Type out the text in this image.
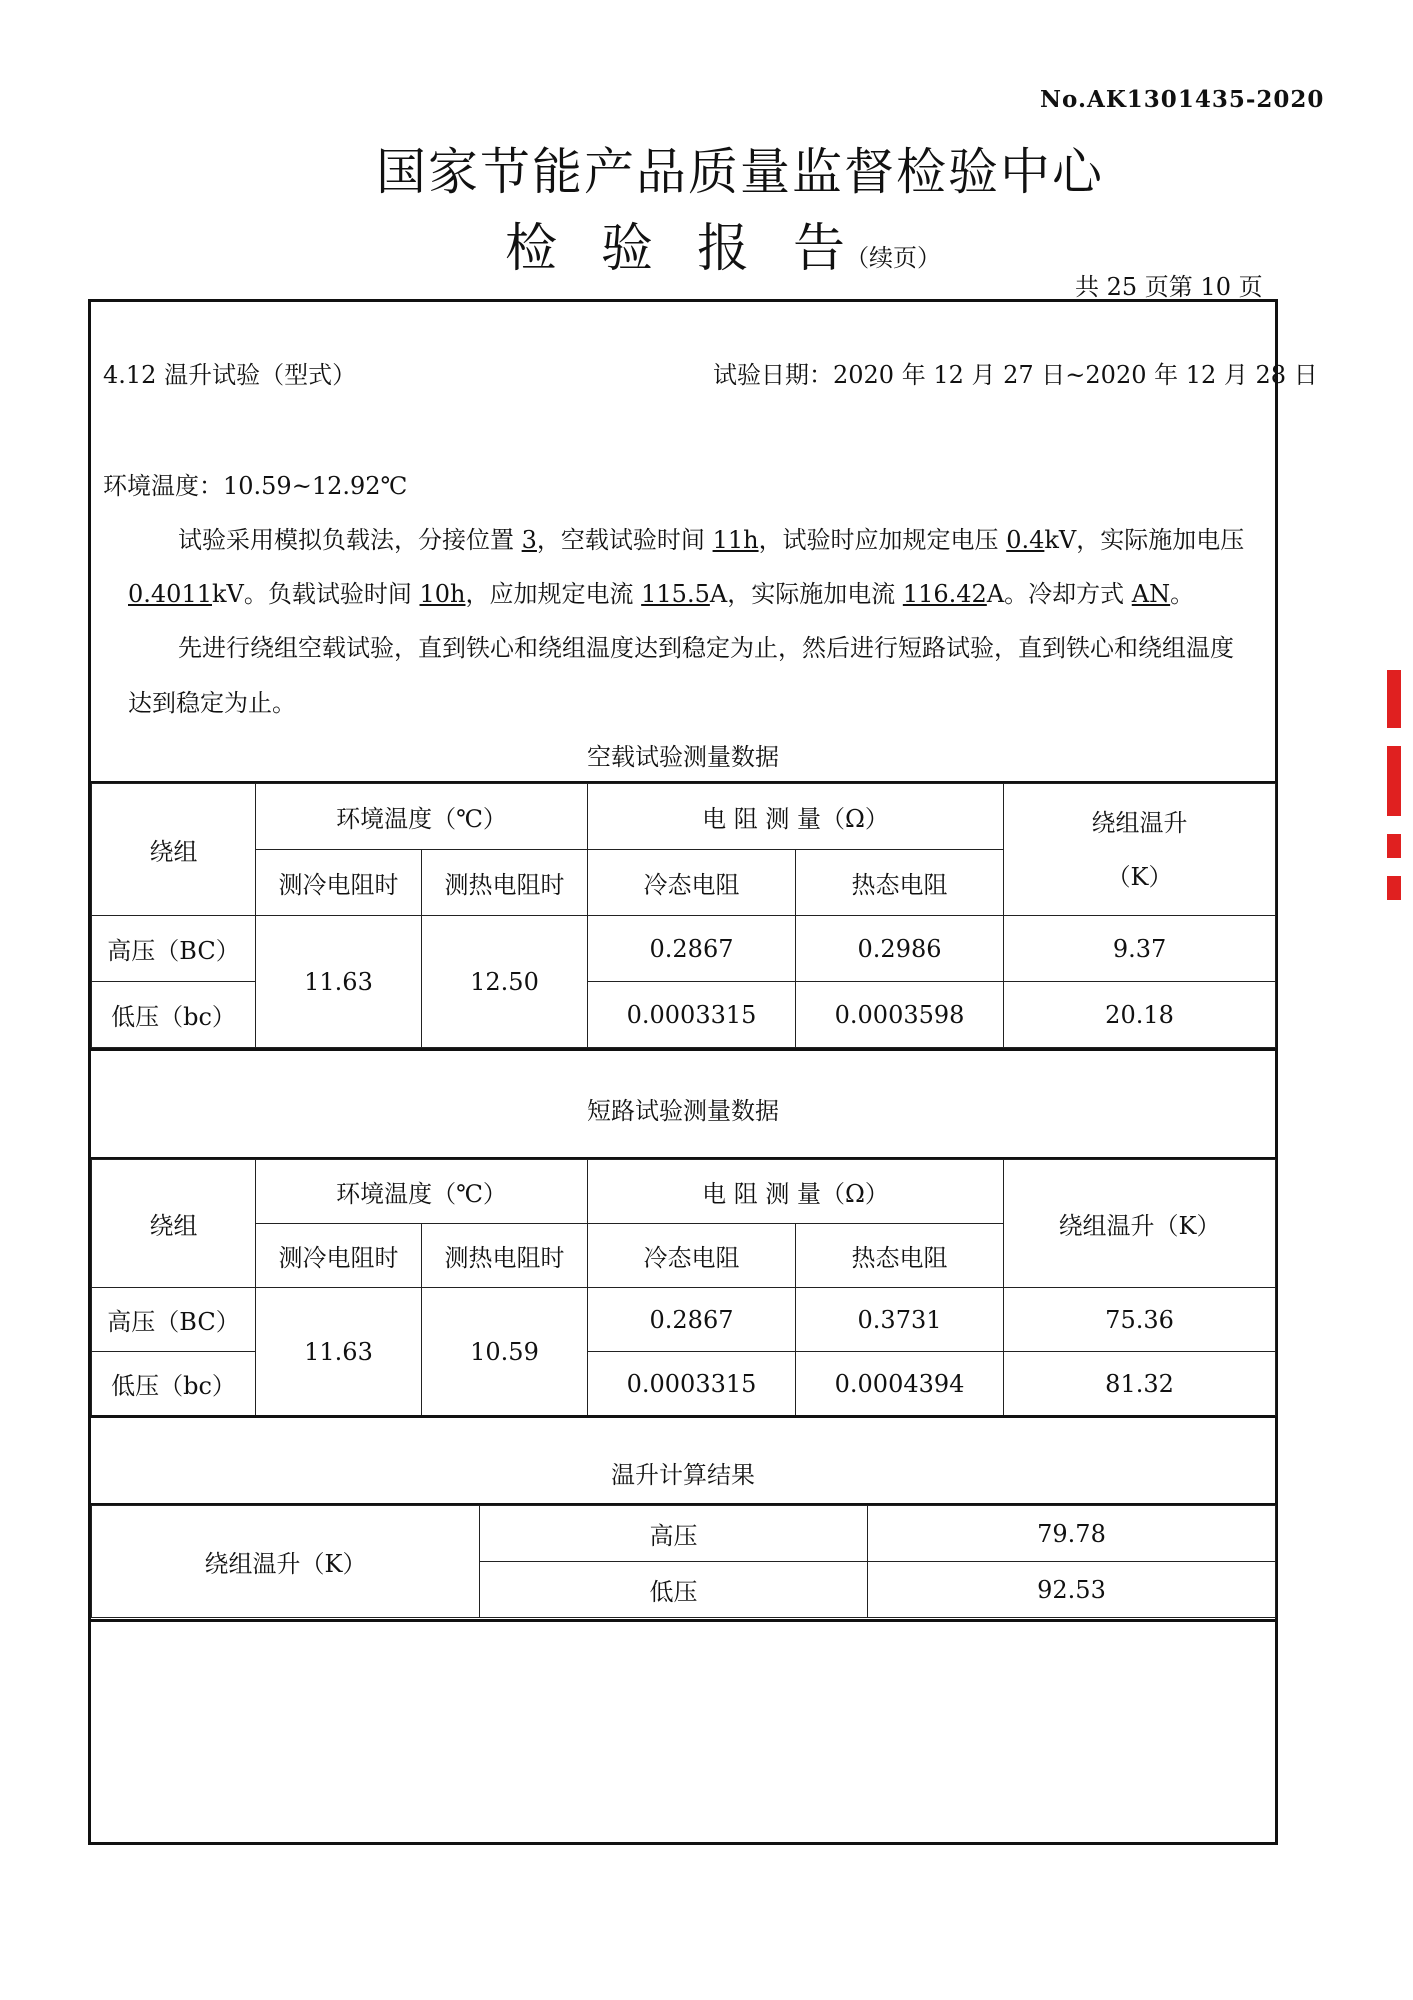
No.AK1301435-2020
国家节能产品质量监督检验中心
检 验 报 告（续页）
共 25 页第 10 页
4.12 温升试验（型式）	试验日期：2020 年 12 月 27 日~2020 年 12 月 28 日
环境温度：10.59~12.92℃
试验采用模拟负载法，分接位置 3，空载试验时间 11h，试验时应加规定电压 0.4kV，实际施加电压
0.4011kV。负载试验时间 10h，应加规定电流 115.5A，实际施加电流 116.42A。冷却方式 AN。
先进行绕组空载试验，直到铁心和绕组温度达到稳定为止，然后进行短路试验，直到铁心和绕组温度
达到稳定为止。
空载试验测量数据
绕组	环境温度（℃）		电 阻 测 量（Ω）		绕组温升
（K）
	测冷电阻时	测热电阻时	冷态电阻	热态电阻	
高压（BC）	11.63	12.50	0.2867	0.2986	9.37
低压（bc）			0.0003315	0.0003598	20.18
短路试验测量数据
绕组	环境温度（℃）		电 阻 测 量（Ω）		绕组温升（K）
	测冷电阻时	测热电阻时	冷态电阻	热态电阻	
高压（BC）	11.63	10.59	0.2867	0.3731	75.36
低压（bc）			0.0003315	0.0004394	81.32
温升计算结果
绕组温升（K）	高压	79.78
	低压	92.53
